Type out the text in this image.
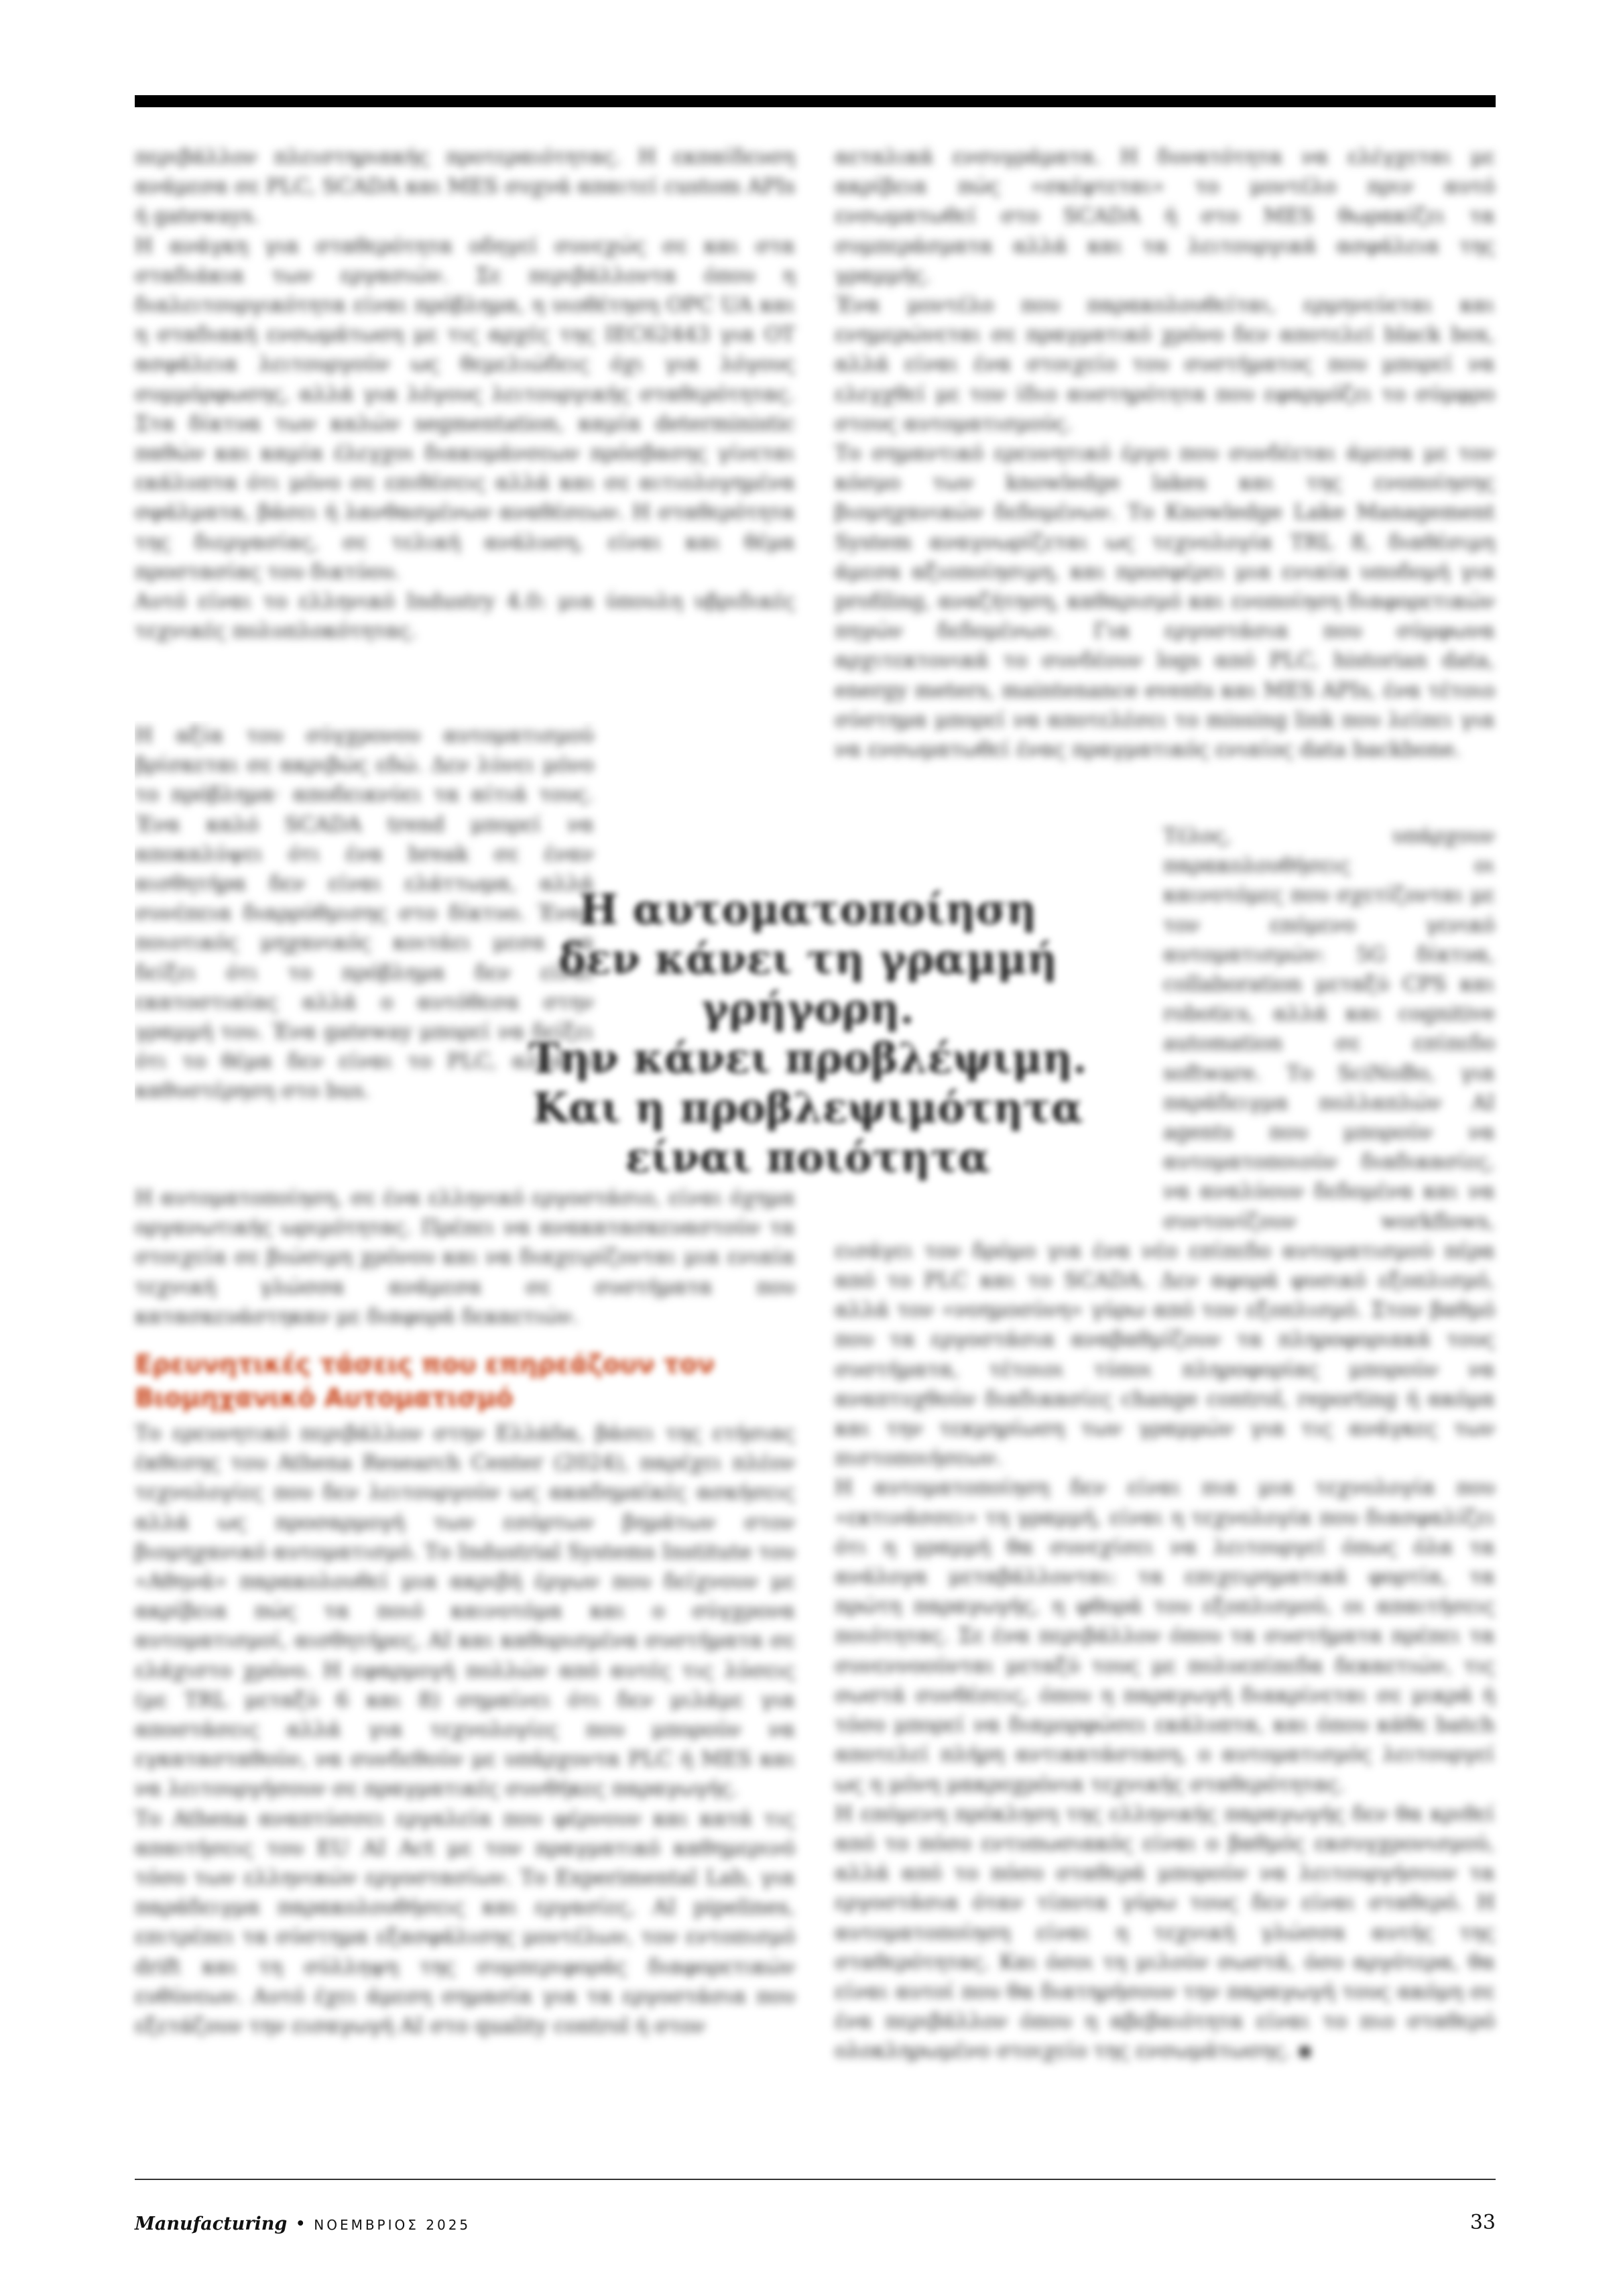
περιβάλλον πλειστηριακής προτεραιότητας. Η εκπαίδευση ανάμεσα σε PLC, SCADA και MES συχνά απαιτεί custom APIs ή gateways.

Η ανάγκη για σταθερότητα οδηγεί συνεχώς σε και στα σταδιάκια των εργασιών. Σε περιβάλλοντα όπου η διαλειτουργικότητα είναι πρόβλημα, η υιοθέτηση OPC UA και η σταδιακή ενσωμάτωση με τις αρχές της IEC62443 για OT ασφάλεια λειτουργούν ως θεμελιώδεις όχι για λόγους συμμόρφωσης, αλλά για λόγους λειτουργικής σταθερότητας. Στα δίκτυα των καλών segmentation, καμία deterministic παθών και καμία έλεγχοι διακυμάνσεων πρόσβασης γίνεται εκάλυπτα ότι μόνο σε επιθέσεις αλλά και σε αιτιολογημένα σφάλματα, βάσει ή λανθασμένων αναθέσεων. Η σταθερότητα της διεργασίας, σε τελική ανάλυση, είναι και θέμα προστασίας του δικτύου.

Αυτό είναι το ελληνικό Industry 4.0: μια ύπουλη υβριδικές τεχνικές πολυπλοκότητας.

Η αξία του σύγχρονου αυτοματισμού βρίσκεται σε ακριβώς εδώ. Δεν λύνει μόνο το πρόβλημα· αποδεικνύει τα αίτιά τους. Ένα καλό SCADA trend μπορεί να αποκαλύψει ότι ένα break σε έναν αισθητήρα δεν είναι ελάττωμα, αλλά συνέπεια διαρρύθμισης στο δίκτυο. Ένας ποιοτικός μηχανικός κοιτάει μεσα να δείξει ότι το πρόβλημα δεν είναι εκατοστιαίας αλλά ο αυτόθεσα στην γραμμή του. Ένα gateway μπορεί να δείξει ότι το θέμα δεν είναι το PLC, αλλά ο καθυστέρηση στο bus.

Η αυτοματοποίηση, σε ένα ελληνικό εργοστάσιο, είναι όχημα οργανωτικής ωριμότητας. Πρέπει να ανακατασκευαστούν τα στοιχεία σε βιώσιμη χρόνου και να διαχειρίζονται μια ενιαία τεχνική γλώσσα ανάμεσα σε συστήματα που κατασκευάστηκαν με διαφορά δεκαετιών.

Ερευνητικές τάσεις που επηρεάζουν τον Βιομηχανικό Αυτοματισμό

Το ερευνητικό περιβάλλον στην Ελλάδα, βάσει της ετήσιας έκθεσης του Athena Research Center (2024), παρέχει πλέον τεχνολογίες που δεν λειτουργούν ως ακαδημαϊκές ασκήσεις αλλά ως προσαρμογή των εσόρτων βημάτων στον βιομηχανικό αυτοματισμό. Το Industrial Systems Institute του «Αθηνά» παρακολουθεί μια ακριβή έργων που δείχνουν με ακρίβεια πώς τα ποιό καινοτόμα και ο σύγχρονα αυτοματισμοί, αισθητήρες, AI και καθορισμένα συστήματα σε ελάχιστο χρόνο. Η εφαρμογή πολλών από αυτές τις λύσεις (με TRL μεταξύ 6 και 8) σημαίνει ότι δεν μιλάμε για αποστάσεις αλλά για τεχνολογίες που μπορούν να εγκατασταθούν, να συνδεθούν με υπάρχοντα PLC ή MES και να λειτουργήσουν σε πραγματικές συνθήκες παραγωγής.

Το Athena αναπτύσσει εργαλεία που φέρνουν και κατά τις απαιτήσεις του EU AI Act με τον πραγματικό καθημερινό τόσο των ελληνικών εργοστασίων. Το Experimental Lab, για παράδειγμα παρακολουθήσεις και εργασίες, AI pipelines, επιτρέπει τα σύστημα εξασφάλισης μοντέλων, τον εντοπισμό drift και τη σύλληψη της συμπεριφοράς διαφορετικών ευθύνεων. Αυτό έχει άμεση σημασία για τα εργοστάσια που εξετάζουν την εισαγωγή AI στο quality control ή στον

αεταλικά ενσυγράματα. Η δυνατότητα να ελέγχεται με ακρίβεια πώς «σκέφτεται» το μοντέλο πριν αυτό ενσωματωθεί στο SCADA ή στο MES θωρακίζει τα συμπεράσματα αλλά και τα λειτουργικά ασφάλεια της γραμμής.

Ένα μοντέλο που παρακολουθείται, ερμηνεύεται και ενημερώνεται σε πραγματικό χρόνο δεν αποτελεί black box, αλλά είναι ένα στοιχείο του συστήματος που μπορεί να ελεγχθεί με τον ίδιο αυστηρότητα που εφαρμόζει το σύμφρο στους αυτοματισμούς.

Το σημαντικό ερευνητικό έργο που συνδέεται άμεσα με τον κόσμο των knowledge lakes και της ενοποίησης βιομηχανικών δεδομένων. Το Knowledge Lake Management System αναγνωρίζεται ως τεχνολογία TRL 8, διαθέσιμη άμεσα αξιοποίησιμη, και προσφέρει μια ενιαία υποδομή για profiling, αναζήτηση, καθαρισμό και ενοποίηση διαφορετικών πηγών δεδομένων. Για εργοστάσια που σύμφωνα αρχιτεκτονικά το συνδέουν logs από PLC, historian data, energy meters, maintenance events και MES APIs, ένα τέτοιο σύστημα μπορεί να αποτελέσει το missing link που λείπει για να ενσωματωθεί ένας πραγματικός ενιαίος data backbone.

Τέλος, υπάρχουν παρακολουθήσεις οι καινοτόμες που σχετίζονται με τον επόμενο γενικό αυτοματισμών: 5G δίκτυα, collaboration μεταξύ CPS και robotics, αλλά και cognitive automation σε επίπεδο software. Το SciNoBo, για παράδειγμα πολλαπλών AI agents που μπορούν να αυτοματοποιούν διαδικασίες, να αναλύουν δεδομένα και να συντονίζουν workflows, εισάγει τον δρόμο για ένα νέο επίπεδο αυτοματισμού πέρα από το PLC και το SCADA. Δεν αφορά φυσικό εξοπλισμό, αλλά τον «νοημοσύνη» γύρω από τον εξοπλισμό. Στον βαθμό που τα εργοστάσια αναβαθμίζουν τα πληροφοριακά τους συστήματα, τέτοιοι τύποι πληροφορίας μπορούν να αναπτυχθούν διαδικασίες change control, reporting ή ακόμα και την τεκμηρίωση των γραμμών για τις ανάγκες των πιστοποιήσεων.

Η αυτοματοποίηση δεν είναι πια μια τεχνολογία που «εκτινάσσει» τη γραμμή, είναι η τεχνολογία που διασφαλίζει ότι η γραμμή θα συνεχίσει να λειτουργεί όπως όλα τα ανάλογα μεταβάλλονται: τα επιχειρηματικά φορτία, τα πρώτη παραγωγής, η φθορά του εξοπλισμού, οι απαιτήσεις ποιότητας. Σε ένα περιβάλλον όπου τα συστήματα πρέπει τα συνεννοούνται μεταξύ τους με πολυεπίπεδα δεκαετιών, τις σωστά συνθέσεις, όπου η παραγωγή διακρίνεται σε μικρά ή τόσο μπορεί να διαμορφώσει εκάλυπτα, και όπου κάθε batch αποτελεί πλήρη αντικατάσταση, ο αυτοματισμός λειτουργεί ως η μόνη μακροχρόνια τεχνικής σταθερότητας.

Η επόμενη πρόκληση της ελληνικής παραγωγής δεν θα κριθεί από το πόσο εντυπωσιακός είναι ο βαθμός εκσυγχρονισμού, αλλά από το πόσο σταθερά μπορούν να λειτουργήσουν τα εργοστάσια όταν τίποτα γύρω τους δεν είναι σταθερό. Η αυτοματοποίηση είναι η τεχνική γλώσσα αυτής της σταθερότητας. Και όσοι τη μιλούν σωστά, όσο αργότερα, θα είναι αυτοί που θα διατηρήσουν την παραγωγή τους ακόμη σε ένα περιβάλλον όπου η αβεβαιότητα είναι το πιο σταθερό ολοκληρωμένο στοιχείο της ενσωμάτωσης. ▪

Η αυτοματοποίηση
δεν κάνει τη γραμμή γρήγορη.
Την κάνει προβλέψιμη.
Και η προβλεψιμότητα
είναι ποιότητα
Manufacturing • ΝΟΕΜΒΡΙΟΣ 2025	33
